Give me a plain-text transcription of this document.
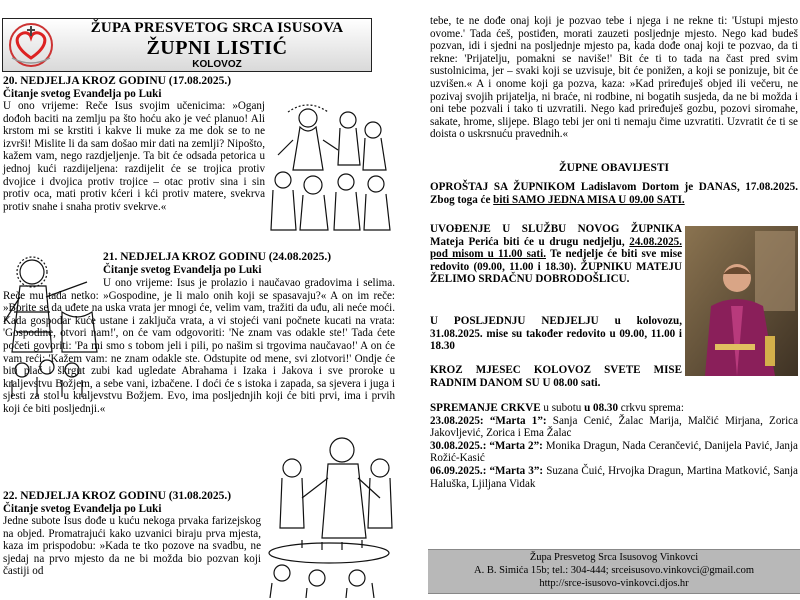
ŽUPA PRESVETOG SRCA ISUSOVA
ŽUPNI LISTIĆ
KOLOVOZ
20. NEDJELJA KROZ GODINU (17.08.2025.)
Čitanje svetog Evanđelja po Luki

U ono vrijeme: Reče Isus svojim učenicima: »Oganj dođoh baciti na zemlju pa što hoću ako je već planuo! Ali krstom mi se krstiti i kakve li muke za me dok se to ne izvrši! Mislite li da sam došao mir dati na zemlji? Nipošto, kažem vam, nego razdjeljenje. Ta bit će odsada petorica u jednoj kući razdijeljena: razdijelit će se trojica protiv dvojice i dvojica protiv trojice – otac protiv sina i sin protiv oca, mati protiv kćeri i kći protiv matere, svekrva protiv snahe i snaha protiv svekrve.«

21. NEDJELJA KROZ GODINU (24.08.2025.)
Čitanje svetog Evanđelja po Luki

U ono vrijeme: Isus je prolazio i naučavao gradovima i selima. Reče mu tada netko: »Gospodine, je li malo onih koji se spasavaju?« A on im reče: »Borite se da uđete na uska vrata jer mnogi će, velim vam, tražiti da uđu, ali neće moći. Kada gospodar kuće ustane i zaključa vrata, a vi stojeći vani počnete kucati na vrata: 'Gospodine, otvori nam!', on će vam odgovoriti: 'Ne znam vas odakle ste!' Tada ćete početi govoriti: 'Pa mi smo s tobom jeli i pili, po našim si trgovima naučavao!' A on će vam reći: 'Kažem vam: ne znam odakle ste. Odstupite od mene, svi zlotvori!' Ondje će biti plač i škrgut zubi kad ugledate Abrahama i Izaka i Jakova i sve proroke u kraljevstvu Božjem, a sebe vani, izbačene. I doći će s istoka i zapada, sa sjevera i juga i sjesti za stol u kraljevstvu Božjem. Evo, ima posljednjih koji će biti prvi, ima i prvih koji će biti posljednji.«

22. NEDJELJA KROZ GODINU (31.08.2025.)
Čitanje svetog Evanđelja po Luki

Jedne subote Isus dođe u kuću nekoga prvaka farizejskog na objed. Promatrajući kako uzvanici biraju prva mjesta, kaza im prispodobu: »Kada te tko pozove na svadbu, ne sjedaj na prvo mjesto da ne bi možda bio pozvan koji častiji od

tebe, te ne dođe onaj koji je pozvao tebe i njega i ne rekne ti: 'Ustupi mjesto ovome.' Tada ćeš, postiđen, morati zauzeti posljednje mjesto. Nego kad budeš pozvan, idi i sjedni na posljednje mjesto pa, kada dođe onaj koji te pozvao, da ti rekne: 'Prijatelju, pomakni se naviše!' Bit će ti to tada na čast pred svim sustolnicima, jer – svaki koji se uzvisuje, bit će ponižen, a koji se ponizuje, bit će uzvišen.« A i onome koji ga pozva, kaza: »Kad priređuješ objed ili večeru, ne pozivaj svojih prijatelja, ni braće, ni rodbine, ni bogatih susjeda, da ne bi možda i oni tebe pozvali i tako ti uzvratili. Nego kad priređuješ gozbu, pozovi siromahe, sakate, hrome, slijepe. Blago tebi jer oni ti nemaju čime uzvratiti. Uzvratit će ti se doista o uskrsnuću pravednih.«

ŽUPNE OBAVIJESTI

OPROŠTAJ SA ŽUPNIKOM Ladislavom Dortom je DANAS, 17.08.2025. Zbog toga će biti SAMO JEDNA MISA U 09.00 SATI.

UVOĐENJE U SLUŽBU NOVOG ŽUPNIKA Mateja Perića biti će u drugu nedjelju, 24.08.2025. pod misom u 11.00 sati. Te nedjelje će biti sve mise redovito (09.00, 11.00 i 18.30). ŽUPNIKU MATEJU ŽELIMO SRDAČNU DOBRODOŠLICU.

U POSLJEDNJU NEDJELJU u kolovozu, 31.08.2025. mise su također redovito u 09.00, 11.00 i 18.30

KROZ MJESEC KOLOVOZ SVETE MISE RADNIM DANOM SU U 08.00 sati.

SPREMANJE CRKVE u subotu u 08.30 crkvu sprema:

23.08.2025: “Marta 1”: Sanja Cenić, Žalac Marija, Malčić Mirjana, Zorica Jakovljević, Zorica i Ema Žalac

30.08.2025.: “Marta 2”: Monika Dragun, Nada Cerančević, Danijela Pavić, Janja Rožić-Kasić

06.09.2025.: “Marta 3”: Suzana Čuić, Hrvojka Dragun, Martina Matković, Sanja Haluška, Ljiljana Vidak

Župa Presvetog Srca Isusovog Vinkovci
A. B. Simića 15b; tel.: 304-444; srceisusovo.vinkovci@gmail.com
http://srce-isusovo-vinkovci.djos.hr
